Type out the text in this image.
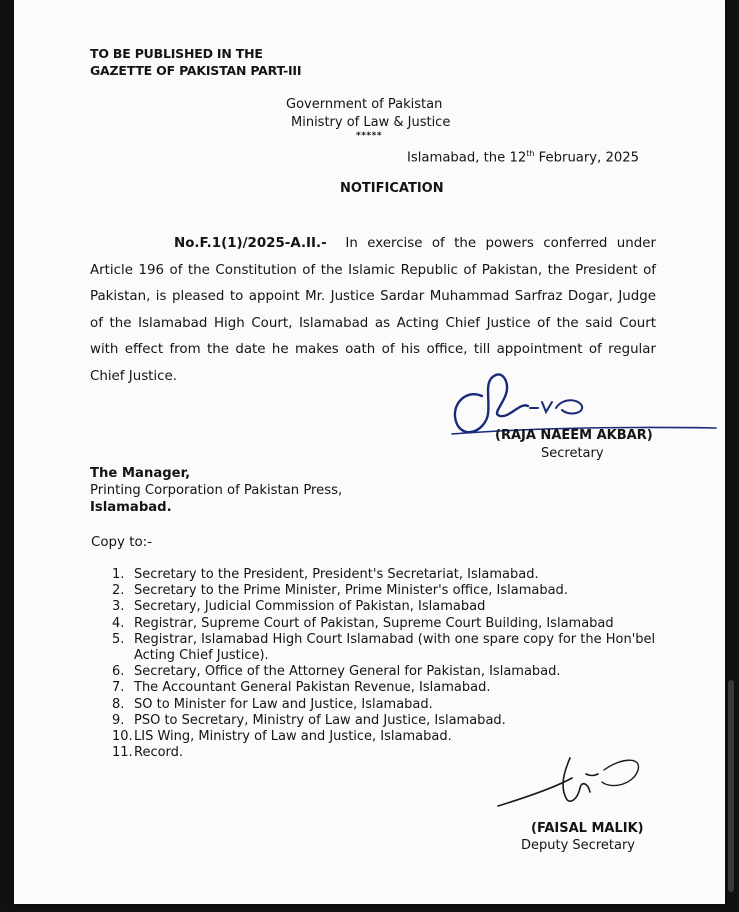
TO BE PUBLISHED IN THE
GAZETTE OF PAKISTAN PART-III
Government of Pakistan
Ministry of Law & Justice
*****
Islamabad, the 12th February, 2025
NOTIFICATION

No.F.1(1)/2025-A.II.- In exercise of the powers conferred under Article 196 of the Constitution of the Islamic Republic of Pakistan, the President of Pakistan, is pleased to appoint Mr. Justice Sardar Muhammad Sarfraz Dogar, Judge of the Islamabad High Court, Islamabad as Acting Chief Justice of the said Court with effect from the date he makes oath of his office, till appointment of regular Chief Justice.

(RAJA NAEEM AKBAR)
Secretary
The Manager,
Printing Corporation of Pakistan Press,
Islamabad.
Copy to:-
1. Secretary to the President, President's Secretariat, Islamabad.
2. Secretary to the Prime Minister, Prime Minister's office, Islamabad.
3. Secretary, Judicial Commission of Pakistan, Islamabad
4. Registrar, Supreme Court of Pakistan, Supreme Court Building, Islamabad
5. Registrar, Islamabad High Court Islamabad (with one spare copy for the Hon'bel Acting Chief Justice).
6. Secretary, Office of the Attorney General for Pakistan, Islamabad.
7. The Accountant General Pakistan Revenue, Islamabad.
8. SO to Minister for Law and Justice, Islamabad.
9. PSO to Secretary, Ministry of Law and Justice, Islamabad.
10. LIS Wing, Ministry of Law and Justice, Islamabad.
11. Record.
(FAISAL MALIK)
Deputy Secretary
